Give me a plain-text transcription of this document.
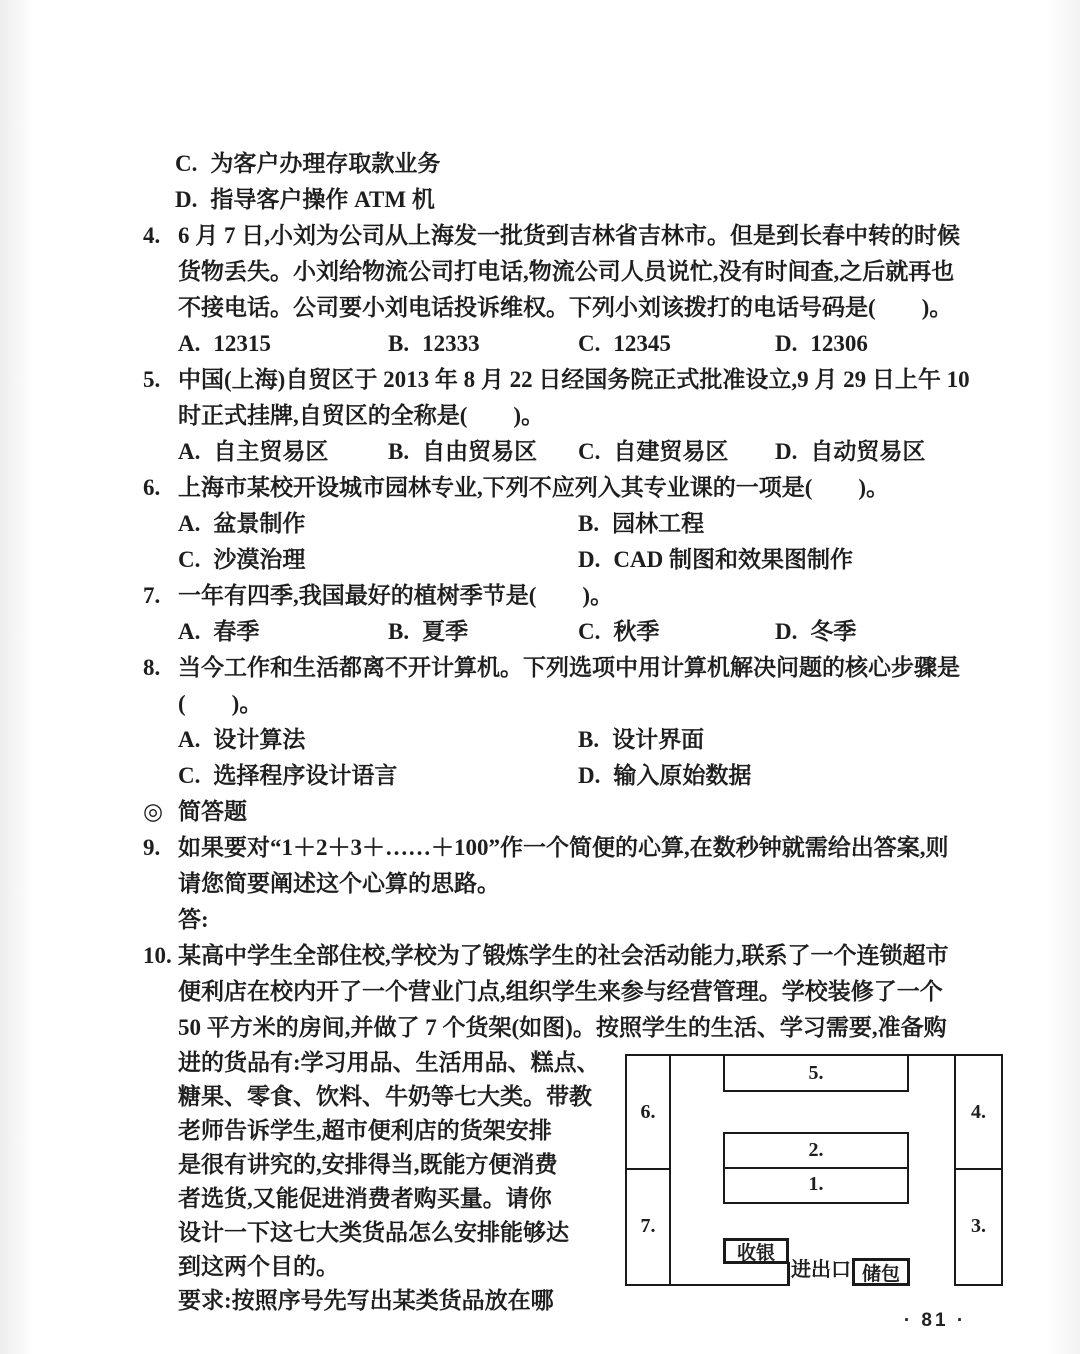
C. 为客户办理存取款业务
D. 指导客户操作 ATM 机
4. 6 月 7 日,小刘为公司从上海发一批货到吉林省吉林市。但是到长春中转的时候
货物丢失。小刘给物流公司打电话,物流公司人员说忙,没有时间查,之后就再也
不接电话。公司要小刘电话投诉维权。下列小刘该拨打的电话号码是(　　)。
A. 12315	B. 12333	C. 12345	D. 12306
5. 中国(上海)自贸区于 2013 年 8 月 22 日经国务院正式批准设立,9 月 29 日上午 10
时正式挂牌,自贸区的全称是(　　)。
A. 自主贸易区	B. 自由贸易区 C. 自建贸易区 D. 自动贸易区
6. 上海市某校开设城市园林专业,下列不应列入其专业课的一项是(　　)。
A. 盆景制作	B. 园林工程
C. 沙漠治理	D. CAD 制图和效果图制作
7. 一年有四季,我国最好的植树季节是(　　)。
A. 春季	B. 夏季	C. 秋季	D. 冬季
8. 当今工作和生活都离不开计算机。下列选项中用计算机解决问题的核心步骤是
(　　)。
A. 设计算法	B. 设计界面
C. 选择程序设计语言	D. 输入原始数据
◎ 简答题
9. 如果要对“1＋2＋3＋……＋100”作一个简便的心算,在数秒钟就需给出答案,则
请您简要阐述这个心算的思路。
答:
10. 某高中学生全部住校,学校为了锻炼学生的社会活动能力,联系了一个连锁超市
便利店在校内开了一个营业门点,组织学生来参与经营管理。学校装修了一个
50 平方米的房间,并做了 7 个货架(如图)。按照学生的生活、学习需要,准备购
进的货品有:学习用品、生活用品、糕点、
糖果、零食、饮料、牛奶等七大类。带教
老师告诉学生,超市便利店的货架安排
是很有讲究的,安排得当,既能方便消费
者选货,又能促进消费者购买量。请你
设计一下这七大类货品怎么安排能够达
到这两个目的。
要求:按照序号先写出某类货品放在哪
6.
7.
4.
3.
5.
2.
1.
收银
进出口 储包
· 81 ·
